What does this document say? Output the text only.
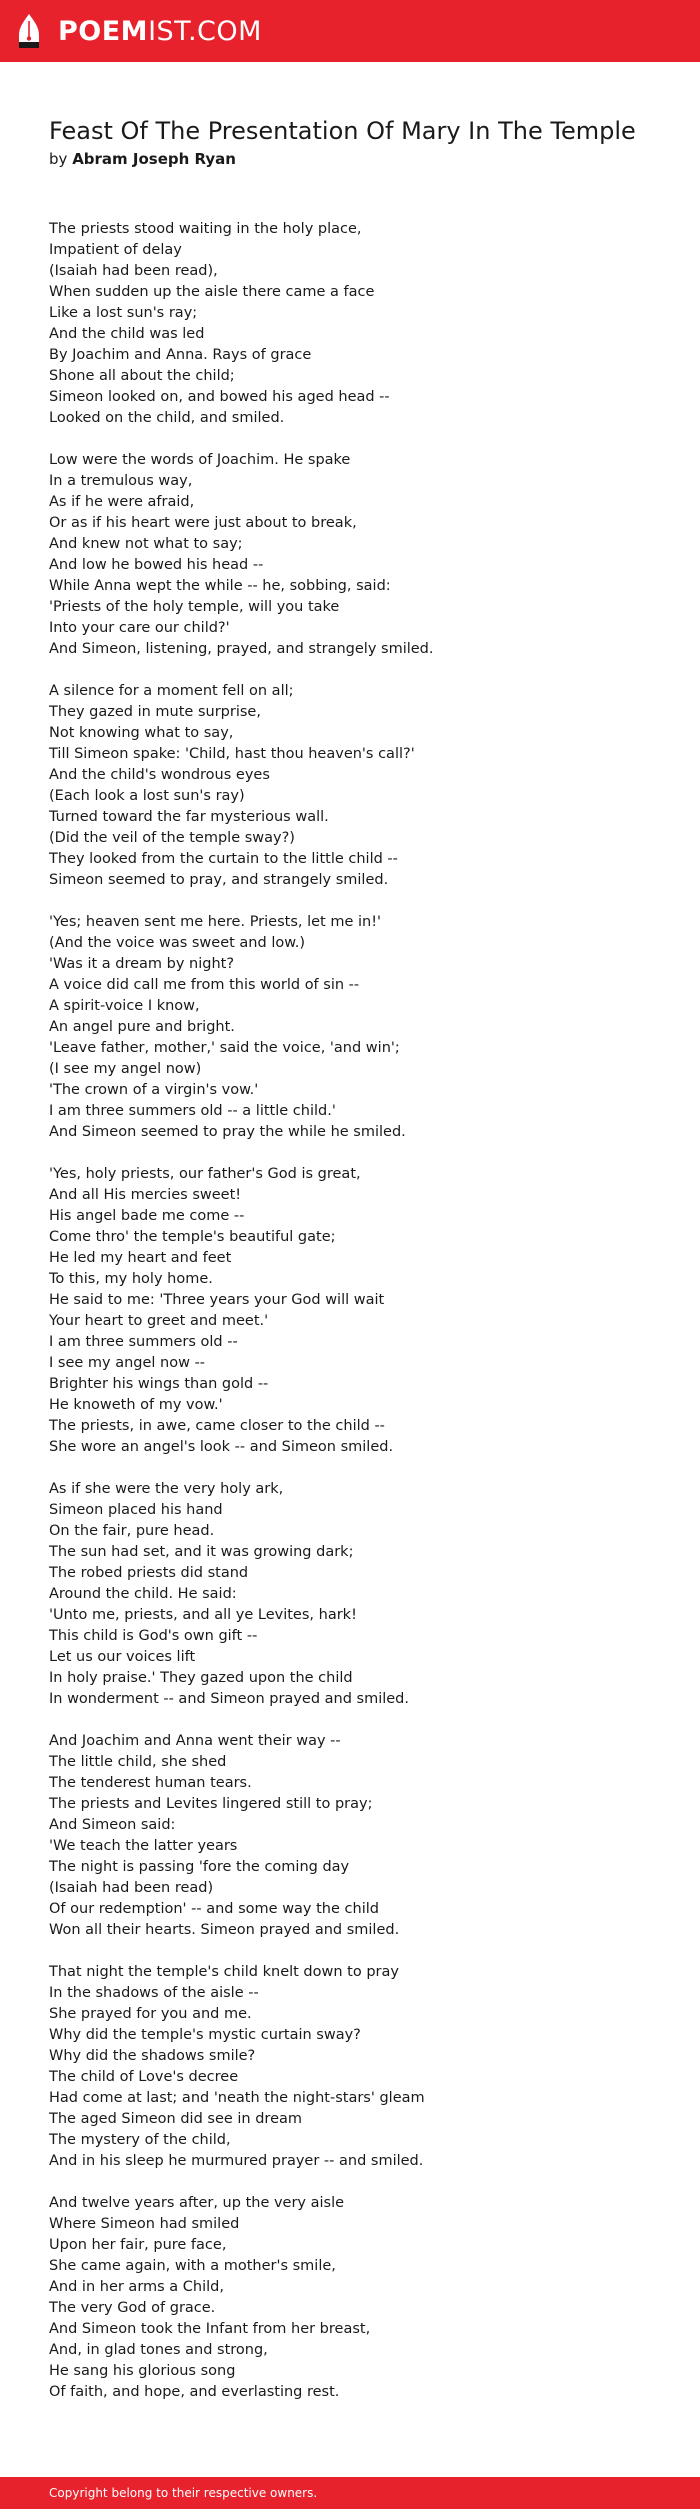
POEMIST.COM
Feast Of The Presentation Of Mary In The Temple
by Abram Joseph Ryan
The priests stood waiting in the holy place,
Impatient of delay
(Isaiah had been read),
When sudden up the aisle there came a face
Like a lost sun's ray;
And the child was led
By Joachim and Anna. Rays of grace
Shone all about the child;
Simeon looked on, and bowed his aged head --
Looked on the child, and smiled.
Low were the words of Joachim. He spake
In a tremulous way,
As if he were afraid,
Or as if his heart were just about to break,
And knew not what to say;
And low he bowed his head --
While Anna wept the while -- he, sobbing, said:
'Priests of the holy temple, will you take
Into your care our child?'
And Simeon, listening, prayed, and strangely smiled.
A silence for a moment fell on all;
They gazed in mute surprise,
Not knowing what to say,
Till Simeon spake: 'Child, hast thou heaven's call?'
And the child's wondrous eyes
(Each look a lost sun's ray)
Turned toward the far mysterious wall.
(Did the veil of the temple sway?)
They looked from the curtain to the little child --
Simeon seemed to pray, and strangely smiled.
'Yes; heaven sent me here. Priests, let me in!'
(And the voice was sweet and low.)
'Was it a dream by night?
A voice did call me from this world of sin --
A spirit-voice I know,
An angel pure and bright.
'Leave father, mother,' said the voice, 'and win';
(I see my angel now)
'The crown of a virgin's vow.'
I am three summers old -- a little child.'
And Simeon seemed to pray the while he smiled.
'Yes, holy priests, our father's God is great,
And all His mercies sweet!
His angel bade me come --
Come thro' the temple's beautiful gate;
He led my heart and feet
To this, my holy home.
He said to me: 'Three years your God will wait
Your heart to greet and meet.'
I am three summers old --
I see my angel now --
Brighter his wings than gold --
He knoweth of my vow.'
The priests, in awe, came closer to the child --
She wore an angel's look -- and Simeon smiled.
As if she were the very holy ark,
Simeon placed his hand
On the fair, pure head.
The sun had set, and it was growing dark;
The robed priests did stand
Around the child. He said:
'Unto me, priests, and all ye Levites, hark!
This child is God's own gift --
Let us our voices lift
In holy praise.' They gazed upon the child
In wonderment -- and Simeon prayed and smiled.
And Joachim and Anna went their way --
The little child, she shed
The tenderest human tears.
The priests and Levites lingered still to pray;
And Simeon said:
'We teach the latter years
The night is passing 'fore the coming day
(Isaiah had been read)
Of our redemption' -- and some way the child
Won all their hearts. Simeon prayed and smiled.
That night the temple's child knelt down to pray
In the shadows of the aisle --
She prayed for you and me.
Why did the temple's mystic curtain sway?
Why did the shadows smile?
The child of Love's decree
Had come at last; and 'neath the night-stars' gleam
The aged Simeon did see in dream
The mystery of the child,
And in his sleep he murmured prayer -- and smiled.
And twelve years after, up the very aisle
Where Simeon had smiled
Upon her fair, pure face,
She came again, with a mother's smile,
And in her arms a Child,
The very God of grace.
And Simeon took the Infant from her breast,
And, in glad tones and strong,
He sang his glorious song
Of faith, and hope, and everlasting rest.
Copyright belong to their respective owners.
